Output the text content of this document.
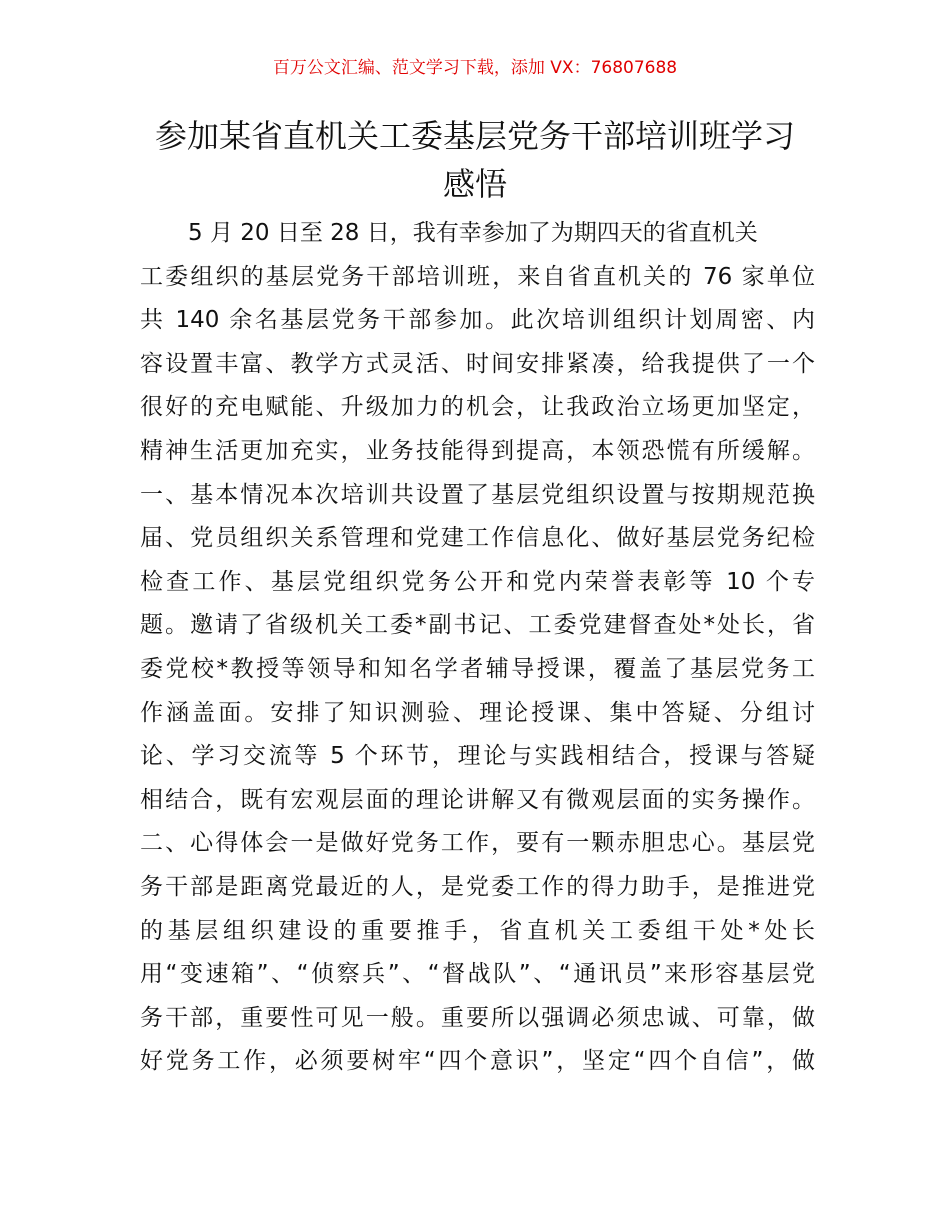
百万公文汇编、范文学习下载，添加 VX：76807688
参加某省直机关工委基层党务干部培训班学习
感悟
5 月 20 日至 28 日，我有幸参加了为期四天的省直机关
工委组织的基层党务干部培训班，来自省直机关的 76 家单位
共 140 余名基层党务干部参加。此次培训组织计划周密、内
容设置丰富、教学方式灵活、时间安排紧凑，给我提供了一个
很好的充电赋能、升级加力的机会，让我政治立场更加坚定，
精神生活更加充实，业务技能得到提高，本领恐慌有所缓解。
一、基本情况本次培训共设置了基层党组织设置与按期规范换
届、党员组织关系管理和党建工作信息化、做好基层党务纪检
检查工作、基层党组织党务公开和党内荣誉表彰等 10 个专
题。邀请了省级机关工委*副书记、工委党建督查处*处长，省
委党校*教授等领导和知名学者辅导授课，覆盖了基层党务工
作涵盖面。安排了知识测验、理论授课、集中答疑、分组讨
论、学习交流等 5 个环节，理论与实践相结合，授课与答疑
相结合，既有宏观层面的理论讲解又有微观层面的实务操作。
二、心得体会一是做好党务工作，要有一颗赤胆忠心。基层党
务干部是距离党最近的人，是党委工作的得力助手，是推进党
的基层组织建设的重要推手，省直机关工委组干处*处长
用“变速箱”、“侦察兵”、“督战队”、“通讯员”来形容基层党
务干部，重要性可见一般。重要所以强调必须忠诚、可靠，做
好党务工作，必须要树牢“四个意识”，坚定“四个自信”，做
